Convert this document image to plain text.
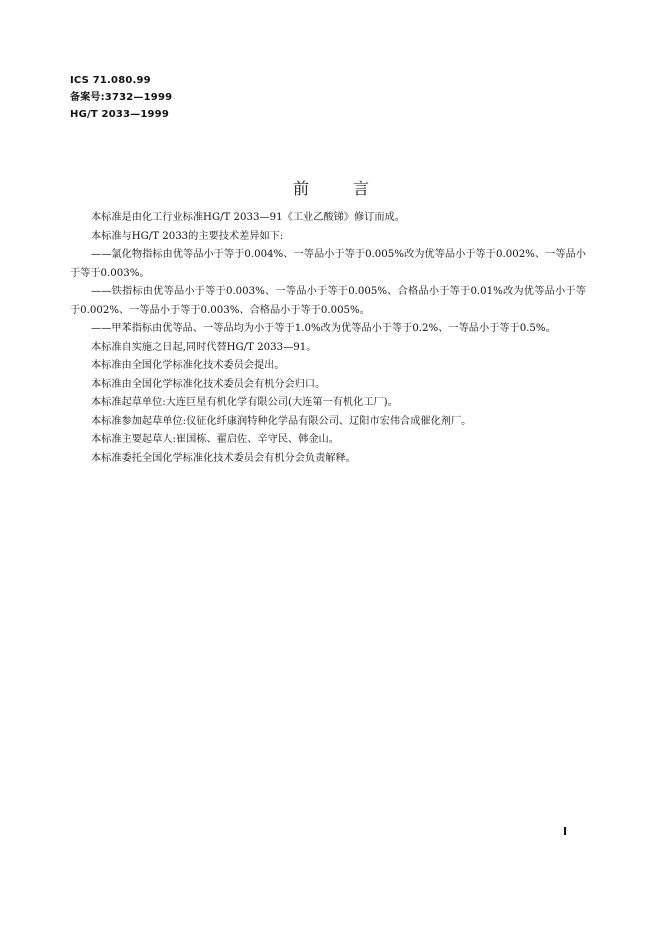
ICS 71.080.99
备案号:3732—1999
HG/T 2033—1999
前言

本标准是由化工行业标准HG/T 2033—91《工业乙酸锑》修订而成。

本标准与HG/T 2033的主要技术差异如下:

——氯化物指标由优等品小于等于0.004%、一等品小于等于0.005%改为优等品小于等于0.002%、一等品小于等于0.003%。

——铁指标由优等品小于等于0.003%、一等品小于等于0.005%、合格品小于等于0.01%改为优等品小于等于0.002%、一等品小于等于0.003%、合格品小于等于0.005%。

——甲苯指标由优等品、一等品均为小于等于1.0%改为优等品小于等于0.2%、一等品小于等于0.5%。

本标准自实施之日起,同时代替HG/T 2033—91。

本标准由全国化学标准化技术委员会提出。

本标准由全国化学标准化技术委员会有机分会归口。

本标准起草单位:大连巨星有机化学有限公司(大连第一有机化工厂)。

本标准参加起草单位:仪征化纤康润特种化学品有限公司、辽阳市宏伟合成催化剂厂。

本标准主要起草人:崔国栋、翟启佐、辛守民、韩金山。

本标准委托全国化学标准化技术委员会有机分会负责解释。

I
